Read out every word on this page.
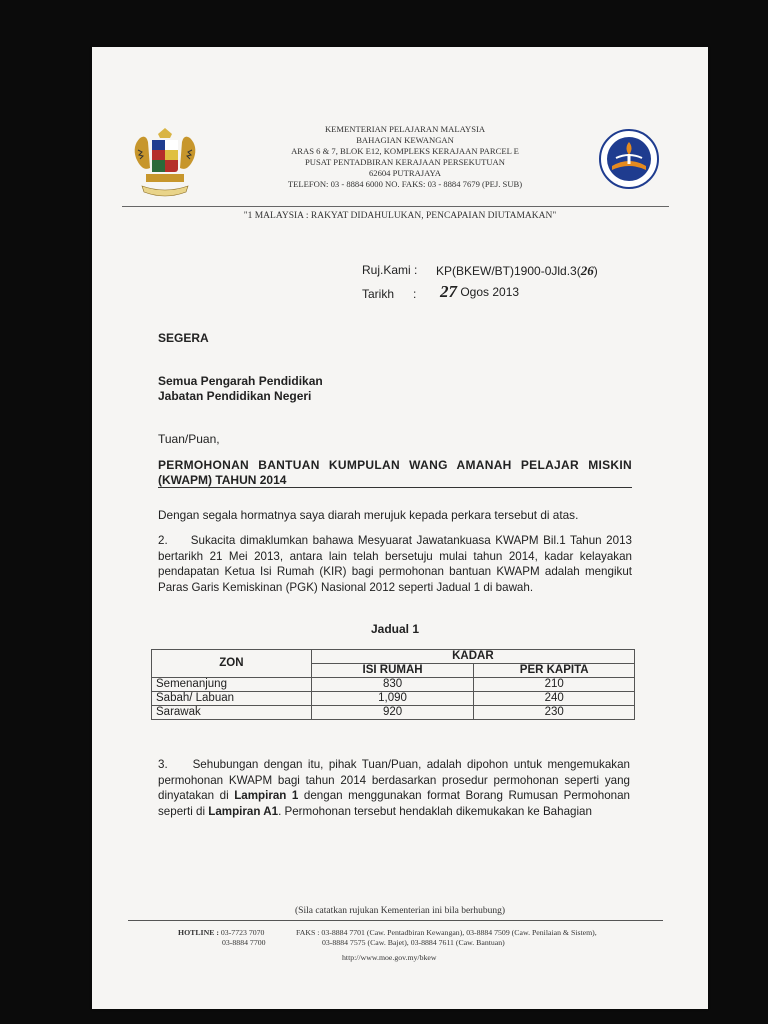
KEMENTERIAN PELAJARAN MALAYSIA
BAHAGIAN KEWANGAN
ARAS 6 & 7, BLOK E12, KOMPLEKS KERAJAAN PARCEL E
PUSAT PENTADBIRAN KERAJAAN PERSEKUTUAN
62604 PUTRAJAYA
TELEFON: 03 - 8884 6000 NO. FAKS: 03 - 8884 7679 (PEJ. SUB)
"1 MALAYSIA : RAKYAT DIDAHULUKAN, PENCAPAIAN DIUTAMAKAN"
Ruj.Kami : KP(BKEW/BT)1900-0Jld.3(26)
Tarikh : 27 Ogos 2013
SEGERA
Semua Pengarah Pendidikan
Jabatan Pendidikan Negeri
Tuan/Puan,
PERMOHONAN BANTUAN KUMPULAN WANG AMANAH PELAJAR MISKIN
(KWAPM) TAHUN 2014
Dengan segala hormatnya saya diarah merujuk kepada perkara tersebut di atas.
2. Sukacita dimaklumkan bahawa Mesyuarat Jawatankuasa KWAPM Bil.1 Tahun 2013 bertarikh 21 Mei 2013, antara lain telah bersetuju mulai tahun 2014, kadar kelayakan pendapatan Ketua Isi Rumah (KIR) bagi permohonan bantuan KWAPM adalah mengikut Paras Garis Kemiskinan (PGK) Nasional 2012 seperti Jadual 1 di bawah.
Jadual 1
ZON	KADAR	
	ISI RUMAH	PER KAPITA
Semenanjung	830	210
Sabah/ Labuan	1,090	240
Sarawak	920	230
3. Sehubungan dengan itu, pihak Tuan/Puan, adalah dipohon untuk mengemukakan permohonan KWAPM bagi tahun 2014 berdasarkan prosedur permohonan seperti yang dinyatakan di Lampiran 1 dengan menggunakan format Borang Rumusan Permohonan seperti di Lampiran A1. Permohonan tersebut hendaklah dikemukakan ke Bahagian
(Sila catatkan rujukan Kementerian ini bila berhubung)
HOTLINE : 03-7723 7070
03-8884 7700
FAKS : 03-8884 7701 (Caw. Pentadbiran Kewangan), 03-8884 7509 (Caw. Penilaian & Sistem),
03-8884 7575 (Caw. Bajet), 03-8884 7611 (Caw. Bantuan)
http://www.moe.gov.my/bkew
